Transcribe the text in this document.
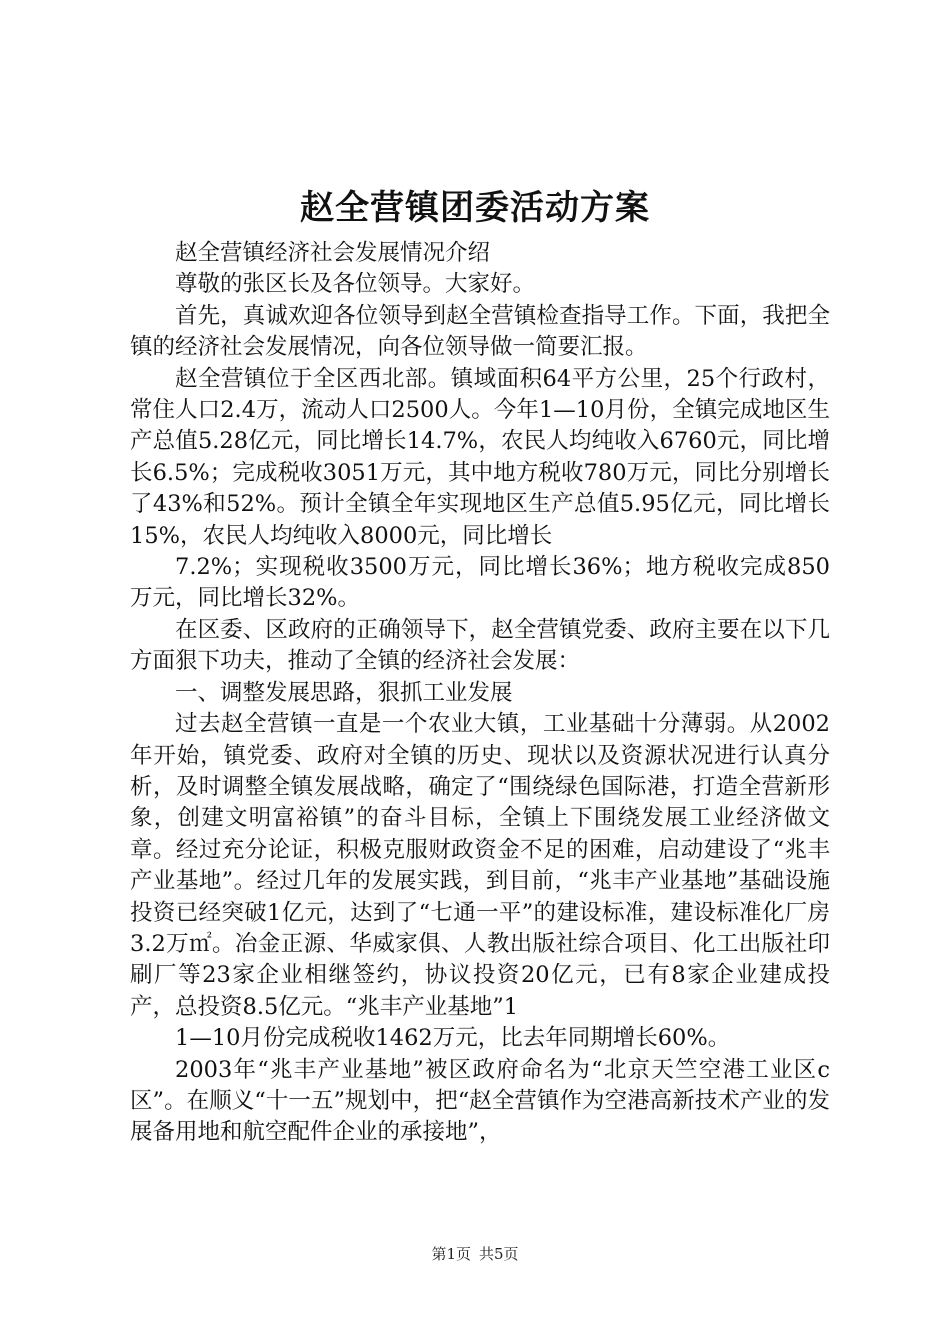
赵全营镇团委活动方案

赵全营镇经济社会发展情况介绍

尊敬的张区长及各位领导。大家好。

首先，真诚欢迎各位领导到赵全营镇检查指导工作。下面，我把全镇的经济社会发展情况，向各位领导做一简要汇报。

赵全营镇位于全区西北部。镇域面积64平方公里，25个行政村，常住人口2.4万，流动人口2500人。今年1—10月份，全镇完成地区生产总值5.28亿元，同比增长14.7%，农民人均纯收入6760元，同比增长6.5%；完成税收3051万元，其中地方税收780万元，同比分别增长了43%和52%。预计全镇全年实现地区生产总值5.95亿元，同比增长15%，农民人均纯收入8000元，同比增长

7.2%；实现税收3500万元，同比增长36%；地方税收完成850万元，同比增长32%。

在区委、区政府的正确领导下，赵全营镇党委、政府主要在以下几方面狠下功夫，推动了全镇的经济社会发展：

一、调整发展思路，狠抓工业发展

过去赵全营镇一直是一个农业大镇，工业基础十分薄弱。从2002年开始，镇党委、政府对全镇的历史、现状以及资源状况进行认真分析，及时调整全镇发展战略，确定了“围绕绿色国际港，打造全营新形象，创建文明富裕镇”的奋斗目标，全镇上下围绕发展工业经济做文章。经过充分论证，积极克服财政资金不足的困难，启动建设了“兆丰产业基地”。经过几年的发展实践，到目前，“兆丰产业基地”基础设施投资已经突破1亿元，达到了“七通一平”的建设标准，建设标准化厂房3.2万㎡。冶金正源、华威家俱、人教出版社综合项目、化工出版社印刷厂等23家企业相继签约，协议投资20亿元，已有8家企业建成投产，总投资8.5亿元。“兆丰产业基地”1

1—10月份完成税收1462万元，比去年同期增长60%。

2003年“兆丰产业基地”被区政府命名为“北京天竺空港工业区c区”。在顺义“十一五”规划中，把“赵全营镇作为空港高新技术产业的发展备用地和航空配件企业的承接地”，

第1页 共5页
